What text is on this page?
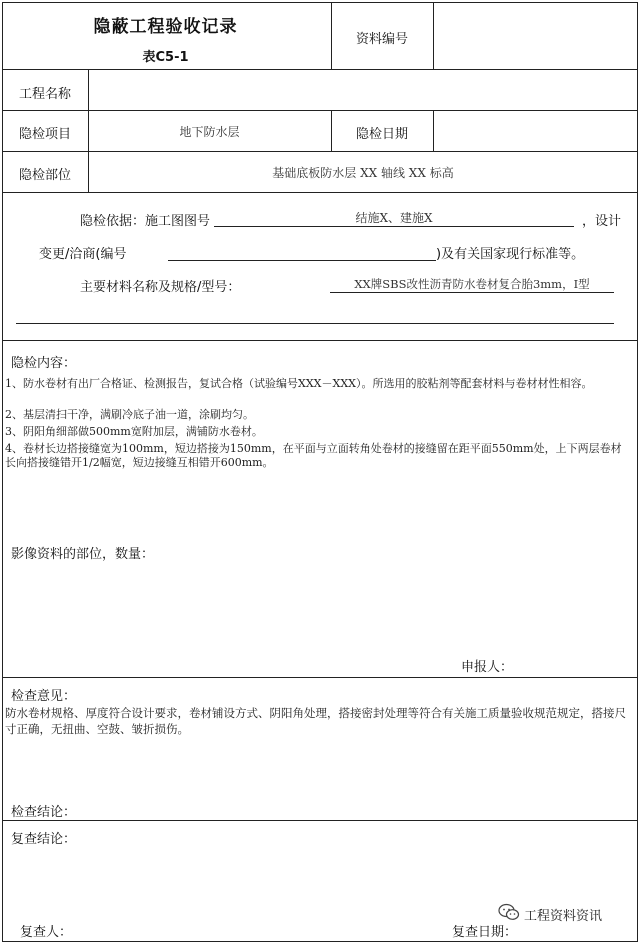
隐蔽工程验收记录
表C5-1
资料编号
工程名称
隐检项目	地下防水层	隐检日期
隐检部位	基础底板防水层 XX 轴线 XX 标高
隐检依据：施工图图号	结施X、建施X	，设计
变更/洽商(编号	)及有关国家现行标准等。
主要材料名称及规格/型号：	XX牌SBS改性沥青防水卷材复合胎3mm，I型
隐检内容：
1、防水卷材有出厂合格证、检测报告，复试合格（试验编号XXX－XXX）。所选用的胶粘剂等配套材料与卷材材性相容。
2、基层清扫干净，满刷冷底子油一道，涂刷均匀。
3、阴阳角细部做500mm宽附加层，满铺防水卷材。
4、卷材长边搭接缝宽为100mm，短边搭接为150mm，在平面与立面转角处卷材的接缝留在距平面550mm处，上下两层卷材长向搭接缝错开1/2幅宽，短边接缝互相错开600mm。
影像资料的部位，数量：
申报人：
检查意见：
防水卷材规格、厚度符合设计要求，卷材铺设方式、阴阳角处理，搭接密封处理等符合有关施工质量验收规范规定，搭接尺寸正确，无扭曲、空鼓、皱折损伤。
检查结论：
复查结论：
复查人：	复查日期：
工程资料资讯
